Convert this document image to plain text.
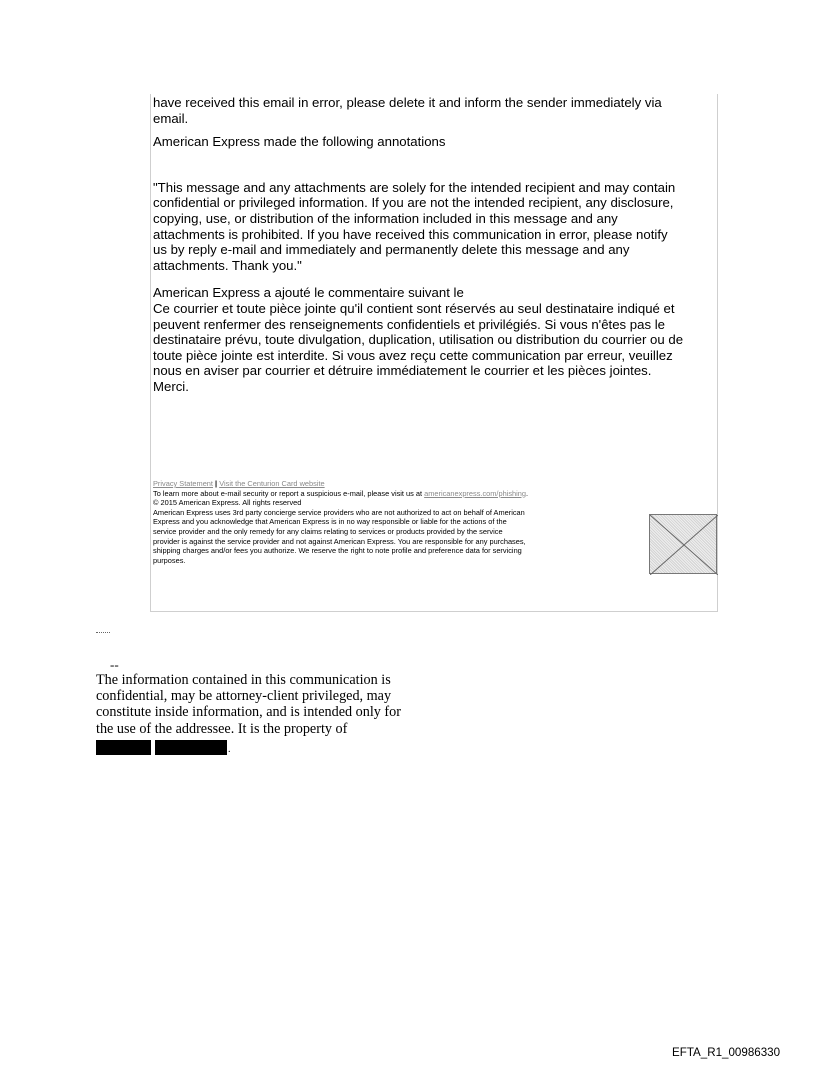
have received this email in error, please delete it and inform the sender immediately via
email.

American Express made the following annotations

"This message and any attachments are solely for the intended recipient and may contain
confidential or privileged information. If you are not the intended recipient, any disclosure,
copying, use, or distribution of the information included in this message and any
attachments is prohibited. If you have received this communication in error, please notify
us by reply e-mail and immediately and permanently delete this message and any
attachments. Thank you."

American Express a ajouté le commentaire suivant le
Ce courrier et toute pièce jointe qu'il contient sont réservés au seul destinataire indiqué et
peuvent renfermer des renseignements confidentiels et privilégiés. Si vous n'êtes pas le
destinataire prévu, toute divulgation, duplication, utilisation ou distribution du courrier ou de
toute pièce jointe est interdite. Si vous avez reçu cette communication par erreur, veuillez
nous en aviser par courrier et détruire immédiatement le courrier et les pièces jointes.
Merci.

Privacy Statement | Visit the Centurion Card website
To learn more about e-mail security or report a suspicious e-mail, please visit us at americanexpress.com/phishing.
© 2015 American Express. All rights reserved
American Express uses 3rd party concierge service providers who are not authorized to act on behalf of American
Express and you acknowledge that American Express is in no way responsible or liable for the actions of the
service provider and the only remedy for any claims relating to services or products provided by the service
provider is against the service provider and not against American Express. You are responsible for any purchases,
shipping charges and/or fees you authorize. We reserve the right to note profile and preference data for servicing
purposes.
--
The information contained in this communication is
confidential, may be attorney-client privileged, may
constitute inside information, and is intended only for
the use of the addressee. It is the property of
.
EFTA_R1_00986330
